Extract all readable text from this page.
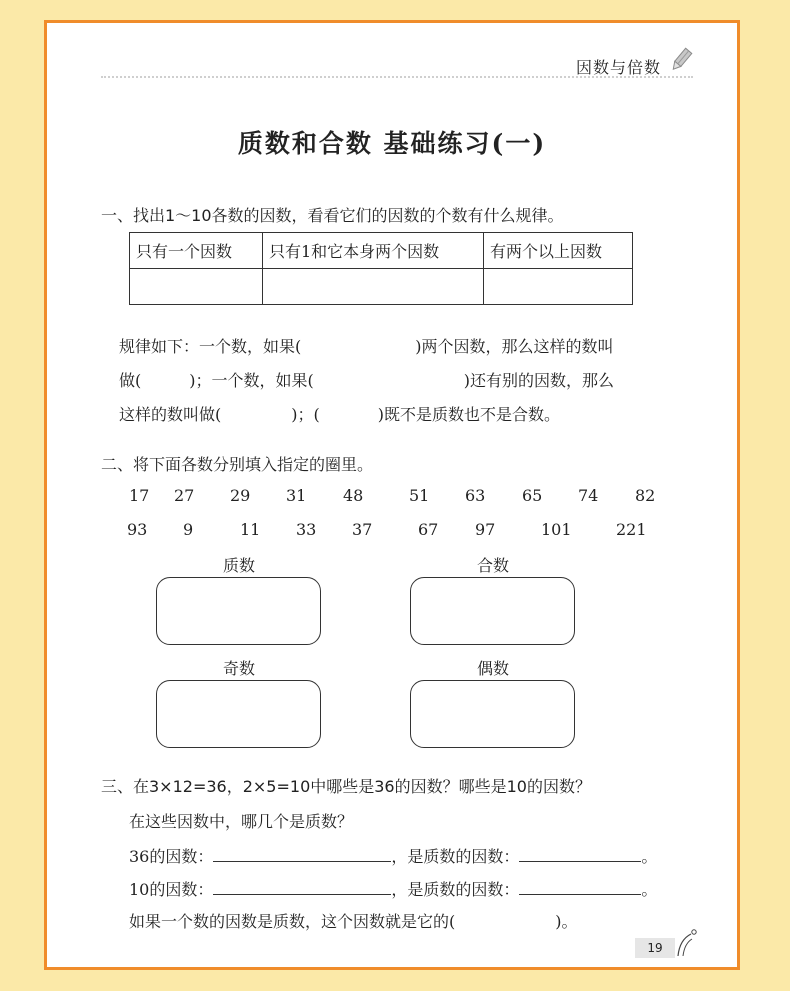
因数与倍数
质数和合数 基础练习(一)
一、找出1～10各数的因数，看看它们的因数的个数有什么规律。
只有一个因数	只有1和它本身两个因数	有两个以上因数

规律如下：一个数，如果(	)两个因数，那么这样的数叫
做(	)；一个数，如果(	)还有别的因数，那么
这样的数叫做(	)；(	)既不是质数也不是合数。
二、将下面各数分别填入指定的圈里。
17 27 29 31 48	51 63 65 74 82
93 9	11 33 37	67 97	101	221
质数	合数
奇数	偶数
三、在3×12=36，2×5=10中哪些是36的因数？哪些是10的因数？
在这些因数中，哪几个是质数？
36的因数：	，是质数的因数：	。
10的因数：	，是质数的因数：	。
如果一个数的因数是质数，这个因数就是它的(	)。
19
